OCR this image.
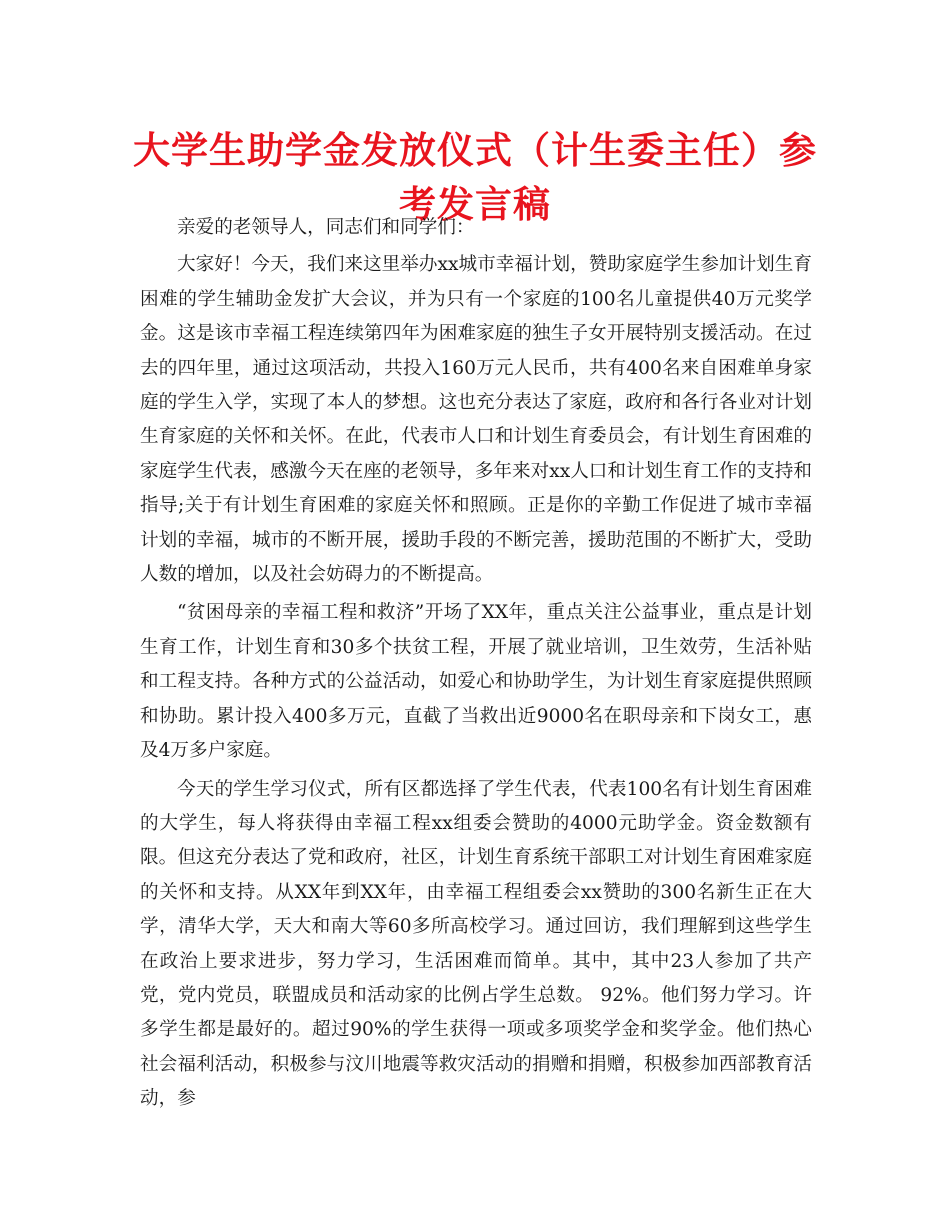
大学生助学金发放仪式（计生委主任）参考发言稿

亲爱的老领导人，同志们和同学们：

大家好！今天，我们来这里举办xx城市幸福计划，赞助家庭学生参加计划生育困难的学生辅助金发扩大会议，并为只有一个家庭的100名儿童提供40万元奖学金。这是该市幸福工程连续第四年为困难家庭的独生子女开展特别支援活动。在过去的四年里，通过这项活动，共投入160万元人民币，共有400名来自困难单身家庭的学生入学，实现了本人的梦想。这也充分表达了家庭，政府和各行各业对计划生育家庭的关怀和关怀。在此，代表市人口和计划生育委员会，有计划生育困难的家庭学生代表，感激今天在座的老领导，多年来对xx人口和计划生育工作的支持和指导;关于有计划生育困难的家庭关怀和照顾。正是你的辛勤工作促进了城市幸福计划的幸福，城市的不断开展，援助手段的不断完善，援助范围的不断扩大，受助人数的增加，以及社会妨碍力的不断提高。

“贫困母亲的幸福工程和救济”开场了XX年，重点关注公益事业，重点是计划生育工作，计划生育和30多个扶贫工程，开展了就业培训，卫生效劳，生活补贴和工程支持。各种方式的公益活动，如爱心和协助学生，为计划生育家庭提供照顾和协助。累计投入400多万元，直截了当救出近9000名在职母亲和下岗女工，惠及4万多户家庭。

今天的学生学习仪式，所有区都选择了学生代表，代表100名有计划生育困难的大学生，每人将获得由幸福工程xx组委会赞助的4000元助学金。资金数额有限。但这充分表达了党和政府，社区，计划生育系统干部职工对计划生育困难家庭的关怀和支持。从XX年到XX年，由幸福工程组委会xx赞助的300名新生正在大学，清华大学，天大和南大等60多所高校学习。通过回访，我们理解到这些学生在政治上要求进步，努力学习，生活困难而简单。其中，其中23人参加了共产党，党内党员，联盟成员和活动家的比例占学生总数。 92%。他们努力学习。许多学生都是最好的。超过90%的学生获得一项或多项奖学金和奖学金。他们热心社会福利活动，积极参与汶川地震等救灾活动的捐赠和捐赠，积极参加西部教育活动，参
